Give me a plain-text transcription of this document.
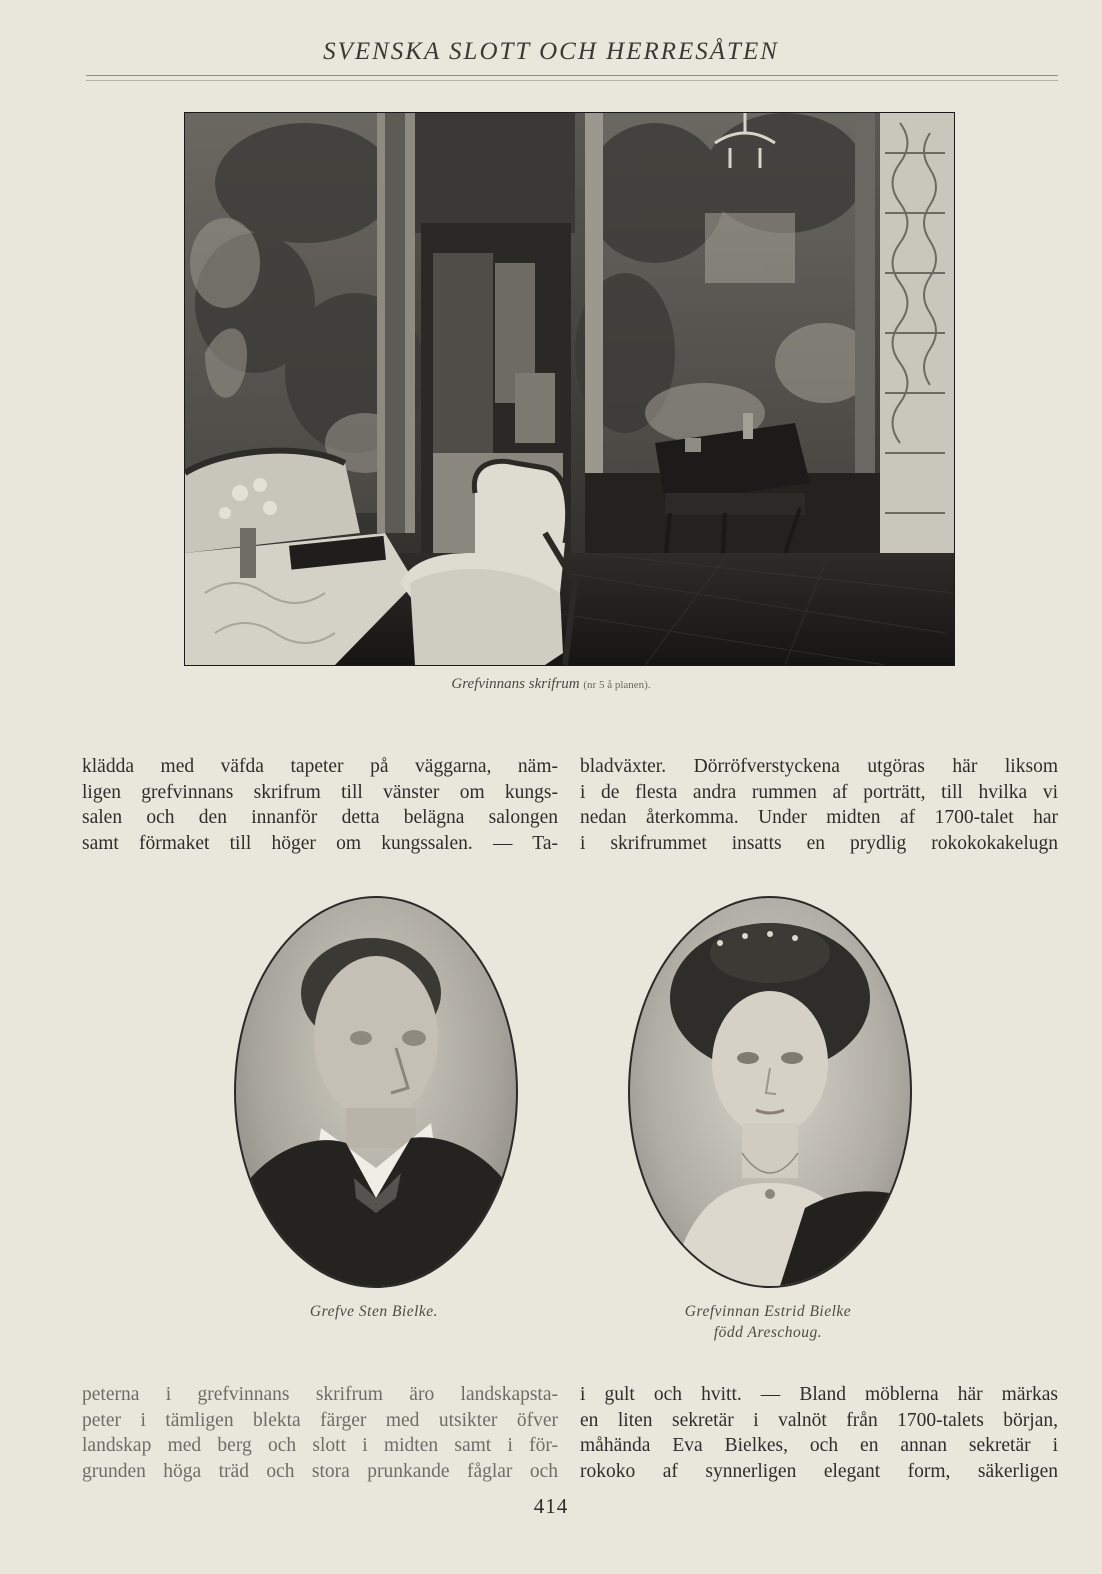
SVENSKA SLOTT OCH HERRESÅTEN
Grefvinnans skrifrum (nr 5 å planen).
klädda med väfda tapeter på väggarna, näm-
ligen grefvinnans skrifrum till vänster om kungs-
salen och den innanför detta belägna salongen
samt förmaket till höger om kungssalen. — Ta-
bladväxter. Dörröfverstyckena utgöras här liksom
i de flesta andra rummen af porträtt, till hvilka vi
nedan återkomma. Under midten af 1700-talet har
i skrifrummet insatts en prydlig rokokokakelugn
Grefve Sten Bielke.	Grefvinnan Estrid Bielke
född Areschoug.
peterna i grefvinnans skrifrum äro landskapsta-
peter i tämligen blekta färger med utsikter öfver
landskap med berg och slott i midten samt i för-
grunden höga träd och stora prunkande fåglar och
i gult och hvitt. — Bland möblerna här märkas
en liten sekretär i valnöt från 1700-talets början,
måhända Eva Bielkes, och en annan sekretär i
rokoko af synnerligen elegant form, säkerligen
414
